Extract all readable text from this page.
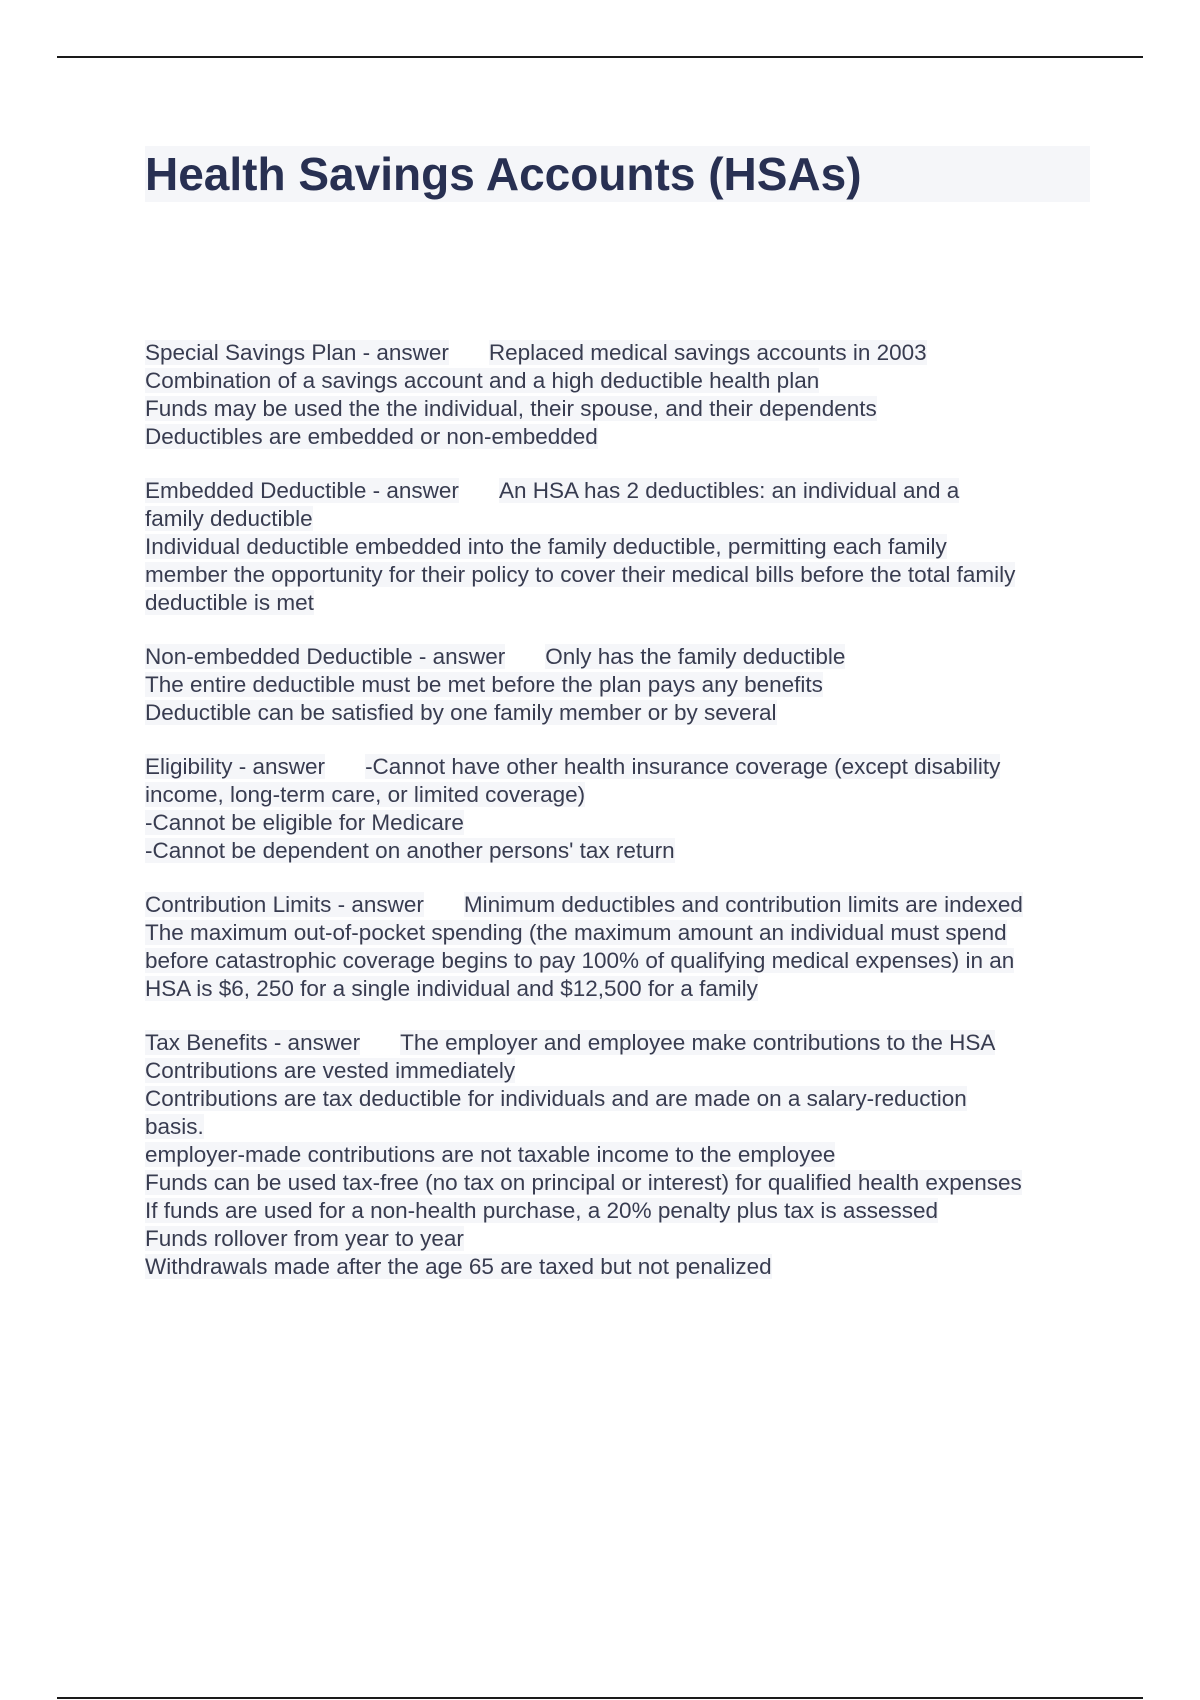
Health Savings Accounts (HSAs)
Special Savings Plan - answer Replaced medical savings accounts in 2003
Combination of a savings account and a high deductible health plan
Funds may be used the the individual, their spouse, and their dependents
Deductibles are embedded or non-embedded
Embedded Deductible - answer An HSA has 2 deductibles: an individual and a
family deductible
Individual deductible embedded into the family deductible, permitting each family
member the opportunity for their policy to cover their medical bills before the total family
deductible is met
Non-embedded Deductible - answer Only has the family deductible
The entire deductible must be met before the plan pays any benefits
Deductible can be satisfied by one family member or by several
Eligibility - answer -Cannot have other health insurance coverage (except disability
income, long-term care, or limited coverage)
-Cannot be eligible for Medicare
-Cannot be dependent on another persons' tax return
Contribution Limits - answer Minimum deductibles and contribution limits are indexed
The maximum out-of-pocket spending (the maximum amount an individual must spend
before catastrophic coverage begins to pay 100% of qualifying medical expenses) in an
HSA is $6, 250 for a single individual and $12,500 for a family
Tax Benefits - answer The employer and employee make contributions to the HSA
Contributions are vested immediately
Contributions are tax deductible for individuals and are made on a salary-reduction
basis.
employer-made contributions are not taxable income to the employee
Funds can be used tax-free (no tax on principal or interest) for qualified health expenses
If funds are used for a non-health purchase, a 20% penalty plus tax is assessed
Funds rollover from year to year
Withdrawals made after the age 65 are taxed but not penalized
